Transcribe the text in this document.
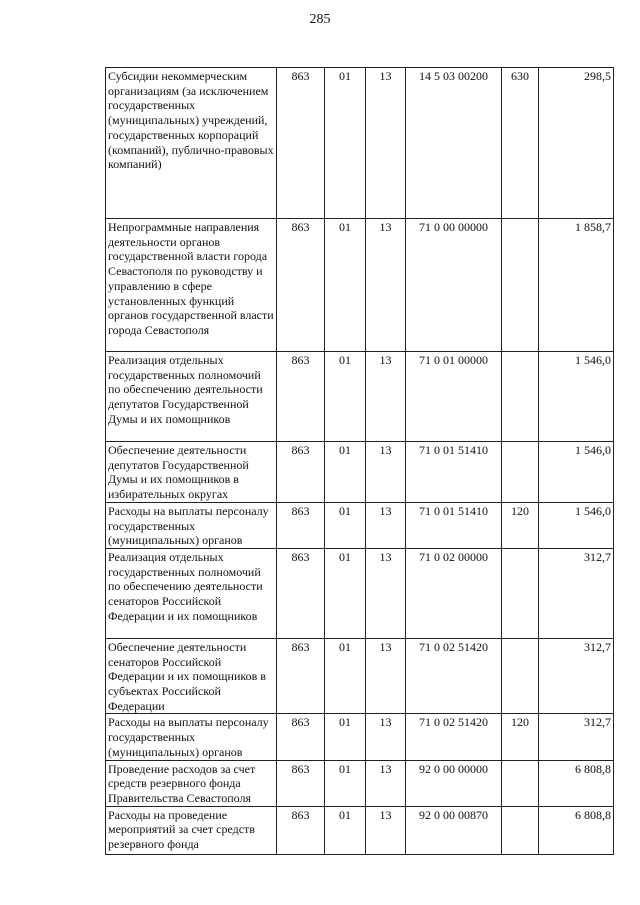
285
Субсидии некоммерческим организациям (за исключением государственных (муниципальных) учреждений, государственных корпораций (компаний), публично-правовых компаний)	863	01	13	14 5 03 00200	630	298,5
Непрограммные направления деятельности органов государственной власти города Севастополя по руководству и управлению в сфере установленных функций органов государственной власти города Севастополя	863	01	13	71 0 00 00000		1 858,7
Реализация отдельных государственных полномочий по обеспечению деятельности депутатов Государственной Думы и их помощников	863	01	13	71 0 01 00000		1 546,0
Обеспечение деятельности депутатов Государственной Думы и их помощников в избирательных округах	863	01	13	71 0 01 51410		1 546,0
Расходы на выплаты персоналу государственных (муниципальных) органов	863	01	13	71 0 01 51410	120	1 546,0
Реализация отдельных государственных полномочий по обеспечению деятельности сенаторов Российской Федерации и их помощников	863	01	13	71 0 02 00000		312,7
Обеспечение деятельности сенаторов Российской Федерации и их помощников в субъектах Российской Федерации	863	01	13	71 0 02 51420		312,7
Расходы на выплаты персоналу государственных (муниципальных) органов	863	01	13	71 0 02 51420	120	312,7
Проведение расходов за счет средств резервного фонда Правительства Севастополя	863	01	13	92 0 00 00000		6 808,8
Расходы на проведение мероприятий за счет средств резервного фонда	863	01	13	92 0 00 00870		6 808,8
